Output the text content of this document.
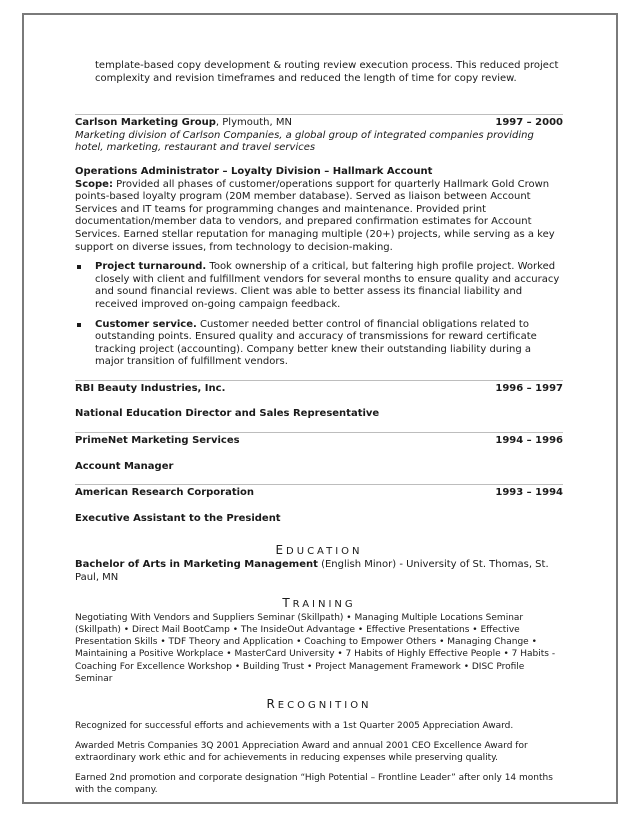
template-based copy development & routing review execution process. This reduced project complexity and revision timeframes and reduced the length of time for copy review.

Carlson Marketing Group, Plymouth, MN	1997 – 2000

Marketing division of Carlson Companies, a global group of integrated companies providing hotel, marketing, restaurant and travel services

Operations Administrator – Loyalty Division – Hallmark Account

Scope: Provided all phases of customer/operations support for quarterly Hallmark Gold Crown points-based loyalty program (20M member database). Served as liaison between Account Services and IT teams for programming changes and maintenance. Provided print documentation/member data to vendors, and prepared confirmation estimates for Account Services. Earned stellar reputation for managing multiple (20+) projects, while serving as a key support on diverse issues, from technology to decision-making.

Project turnaround. Took ownership of a critical, but faltering high profile project. Worked closely with client and fulfillment vendors for several months to ensure quality and accuracy and sound financial reviews. Client was able to better assess its financial liability and received improved on-going campaign feedback.
Customer service. Customer needed better control of financial obligations related to outstanding points. Ensured quality and accuracy of transmissions for reward certificate tracking project (accounting). Company better knew their outstanding liability during a major transition of fulfillment vendors.
RBI Beauty Industries, Inc.	1996 – 1997

National Education Director and Sales Representative

PrimeNet Marketing Services	1994 – 1996

Account Manager

American Research Corporation	1993 – 1994

Executive Assistant to the President

EDUCATION

Bachelor of Arts in Marketing Management (English Minor) - University of St. Thomas, St. Paul, MN

TRAINING

Negotiating With Vendors and Suppliers Seminar (Skillpath) • Managing Multiple Locations Seminar (Skillpath) • Direct Mail BootCamp • The InsideOut Advantage • Effective Presentations • Effective Presentation Skills • TDF Theory and Application • Coaching to Empower Others • Managing Change • Maintaining a Positive Workplace • MasterCard University • 7 Habits of Highly Effective People • 7 Habits - Coaching For Excellence Workshop • Building Trust • Project Management Framework • DISC Profile Seminar

RECOGNITION

Recognized for successful efforts and achievements with a 1st Quarter 2005 Appreciation Award.

Awarded Metris Companies 3Q 2001 Appreciation Award and annual 2001 CEO Excellence Award for extraordinary work ethic and for achievements in reducing expenses while preserving quality.

Earned 2nd promotion and corporate designation “High Potential – Frontline Leader” after only 14 months with the company.
